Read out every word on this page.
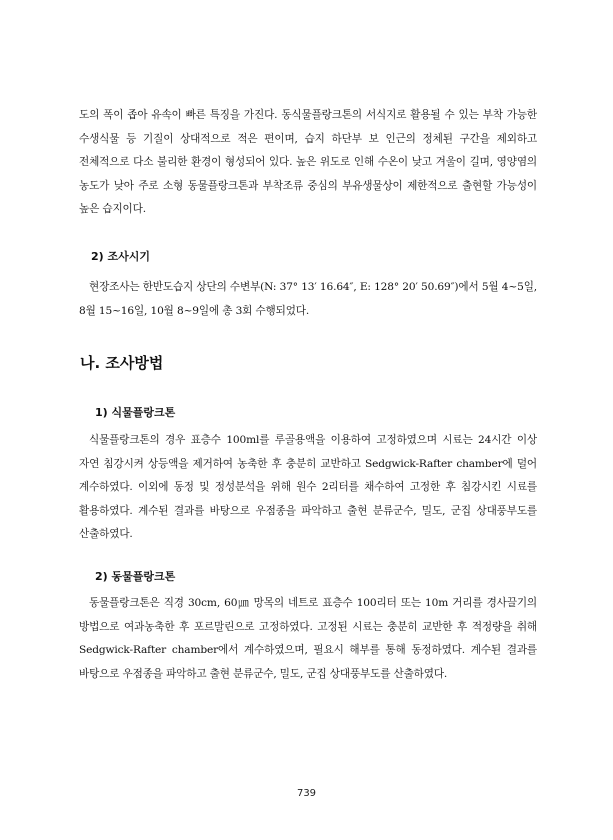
도의 폭이 좁아 유속이 빠른 특징을 가진다. 동식물플랑크톤의 서식지로 활용될 수 있는 부착 가능한 수생식물 등 기질이 상대적으로 적은 편이며, 습지 하단부 보 인근의 정체된 구간을 제외하고 전체적으로 다소 불리한 환경이 형성되어 있다. 높은 위도로 인해 수온이 낮고 겨울이 길며, 영양염의 농도가 낮아 주로 소형 동물플랑크톤과 부착조류 중심의 부유생물상이 제한적으로 출현할 가능성이 높은 습지이다.

2) 조사시기

현장조사는 한반도습지 상단의 수변부(N: 37° 13′ 16.64″, E: 128° 20′ 50.69″)에서 5월 4~5일, 8월 15~16일, 10월 8~9일에 총 3회 수행되었다.

나. 조사방법
1) 식물플랑크톤

식물플랑크톤의 경우 표층수 100ml를 루골용액을 이용하여 고정하였으며 시료는 24시간 이상 자연 침강시켜 상등액을 제거하여 농축한 후 충분히 교반하고 Sedgwick-Rafter chamber에 덜어 계수하였다. 이외에 동정 및 정성분석을 위해 원수 2리터를 채수하여 고정한 후 침강시킨 시료를 활용하였다. 계수된 결과를 바탕으로 우점종을 파악하고 출현 분류군수, 밀도, 군집 상대풍부도를 산출하였다.

2) 동물플랑크톤

동물플랑크톤은 직경 30cm, 60㎛ 망목의 네트로 표층수 100리터 또는 10m 거리를 경사끌기의 방법으로 여과농축한 후 포르말린으로 고정하였다. 고정된 시료는 충분히 교반한 후 적정량을 취해 Sedgwick-Rafter chamber에서 계수하였으며, 필요시 해부를 통해 동정하였다. 계수된 결과를 바탕으로 우점종을 파악하고 출현 분류군수, 밀도, 군집 상대풍부도를 산출하였다.

739
